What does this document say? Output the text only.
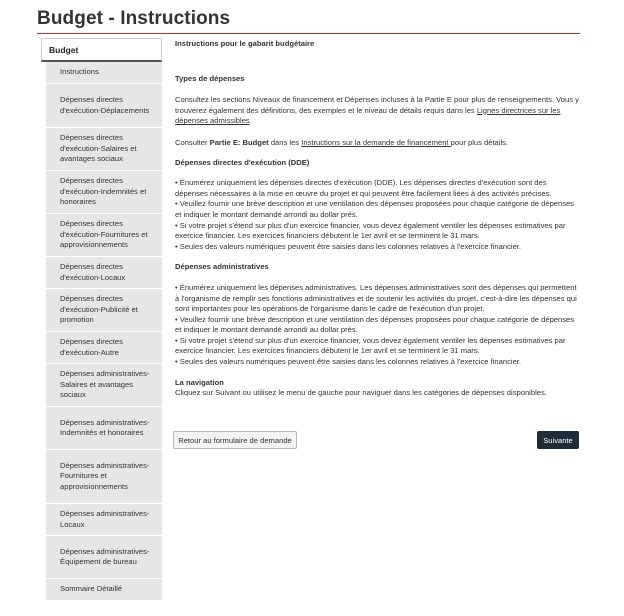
Budget - Instructions
Budget
Instructions
Dépenses directes d'exécution-Déplacements
Dépenses directes d'exécution-Salaires et avantages sociaux
Dépenses directes d'exécution-Indemnités et honoraires
Dépenses directes d'exécution-Fournitures et approvisionnements
Dépenses directes d'exécution-Locaux
Dépenses directes d'exécution-Publicité et promotion
Dépenses directes d'exécution-Autre
Dépenses administratives-Salaires et avantages sociaux
Dépenses administratives-Indemnités et honoraires
Dépenses administratives-Fournitures et approvisionnements
Dépenses administratives-Locaux
Dépenses administratives-Équipement de bureau
Sommaire Détaillé

Instructions pour le gabarit budgétaire

Types de dépenses

Consultez les sections Niveaux de financement et Dépenses incluses à la Partie E pour plus de renseignements. Vous y trouverez également des définitions, des exemples et le niveau de détails requis dans les Lignes directrices sur les dépenses admissibles.

Consulter Partie E: Budget dans les Instructions sur la demande de financement pour plus détails.

Dépenses directes d'exécution (DDE)

• Énumérez uniquement les dépenses directes d'exécution (DDE). Les dépenses directes d'exécution sont des dépenses nécessaires à la mise en œuvre du projet et qui peuvent être facilement liées à des activités précises.

• Veuillez fournir une brève description et une ventilation des dépenses proposées pour chaque catégorie de dépenses et indiquer le montant demandé arrondi au dollar près.

• Si votre projet s'étend sur plus d'un exercice financier, vous devez également ventiler les dépenses estimatives par exercice financier. Les exercices financiers débutent le 1er avril et se terminent le 31 mars.

• Seules des valeurs numériques peuvent être saisies dans les colonnes relatives à l'exercice financier.

Dépenses administratives

• Énumérez uniquement les dépenses administratives. Les dépenses administratives sont des dépenses qui permettent à l'organisme de remplir ses fonctions administratives et de soutenir les activités du projet, c'est-à-dire les dépenses qui sont importantes pour les opérations de l'organisme dans le cadre de l'exécution d'un projet.

• Veuillez fournir une brève description et une ventilation des dépenses proposées pour chaque catégorie de dépenses et indiquer le montant demandé arrondi au dollar près.

• Si votre projet s'étend sur plus d'un exercice financier, vous devez également ventiler les dépenses estimatives par exercice financier. Les exercices financiers débutent le 1er avril et se terminent le 31 mars.

• Seules des valeurs numériques peuvent être saisies dans les colonnes relatives à l'exercice financier.

La navigation

Cliquez sur Suivant ou utilisez le menu de gauche pour naviguer dans les catégories de dépenses disponibles.

Retour au formulaire de demande	Suivante
